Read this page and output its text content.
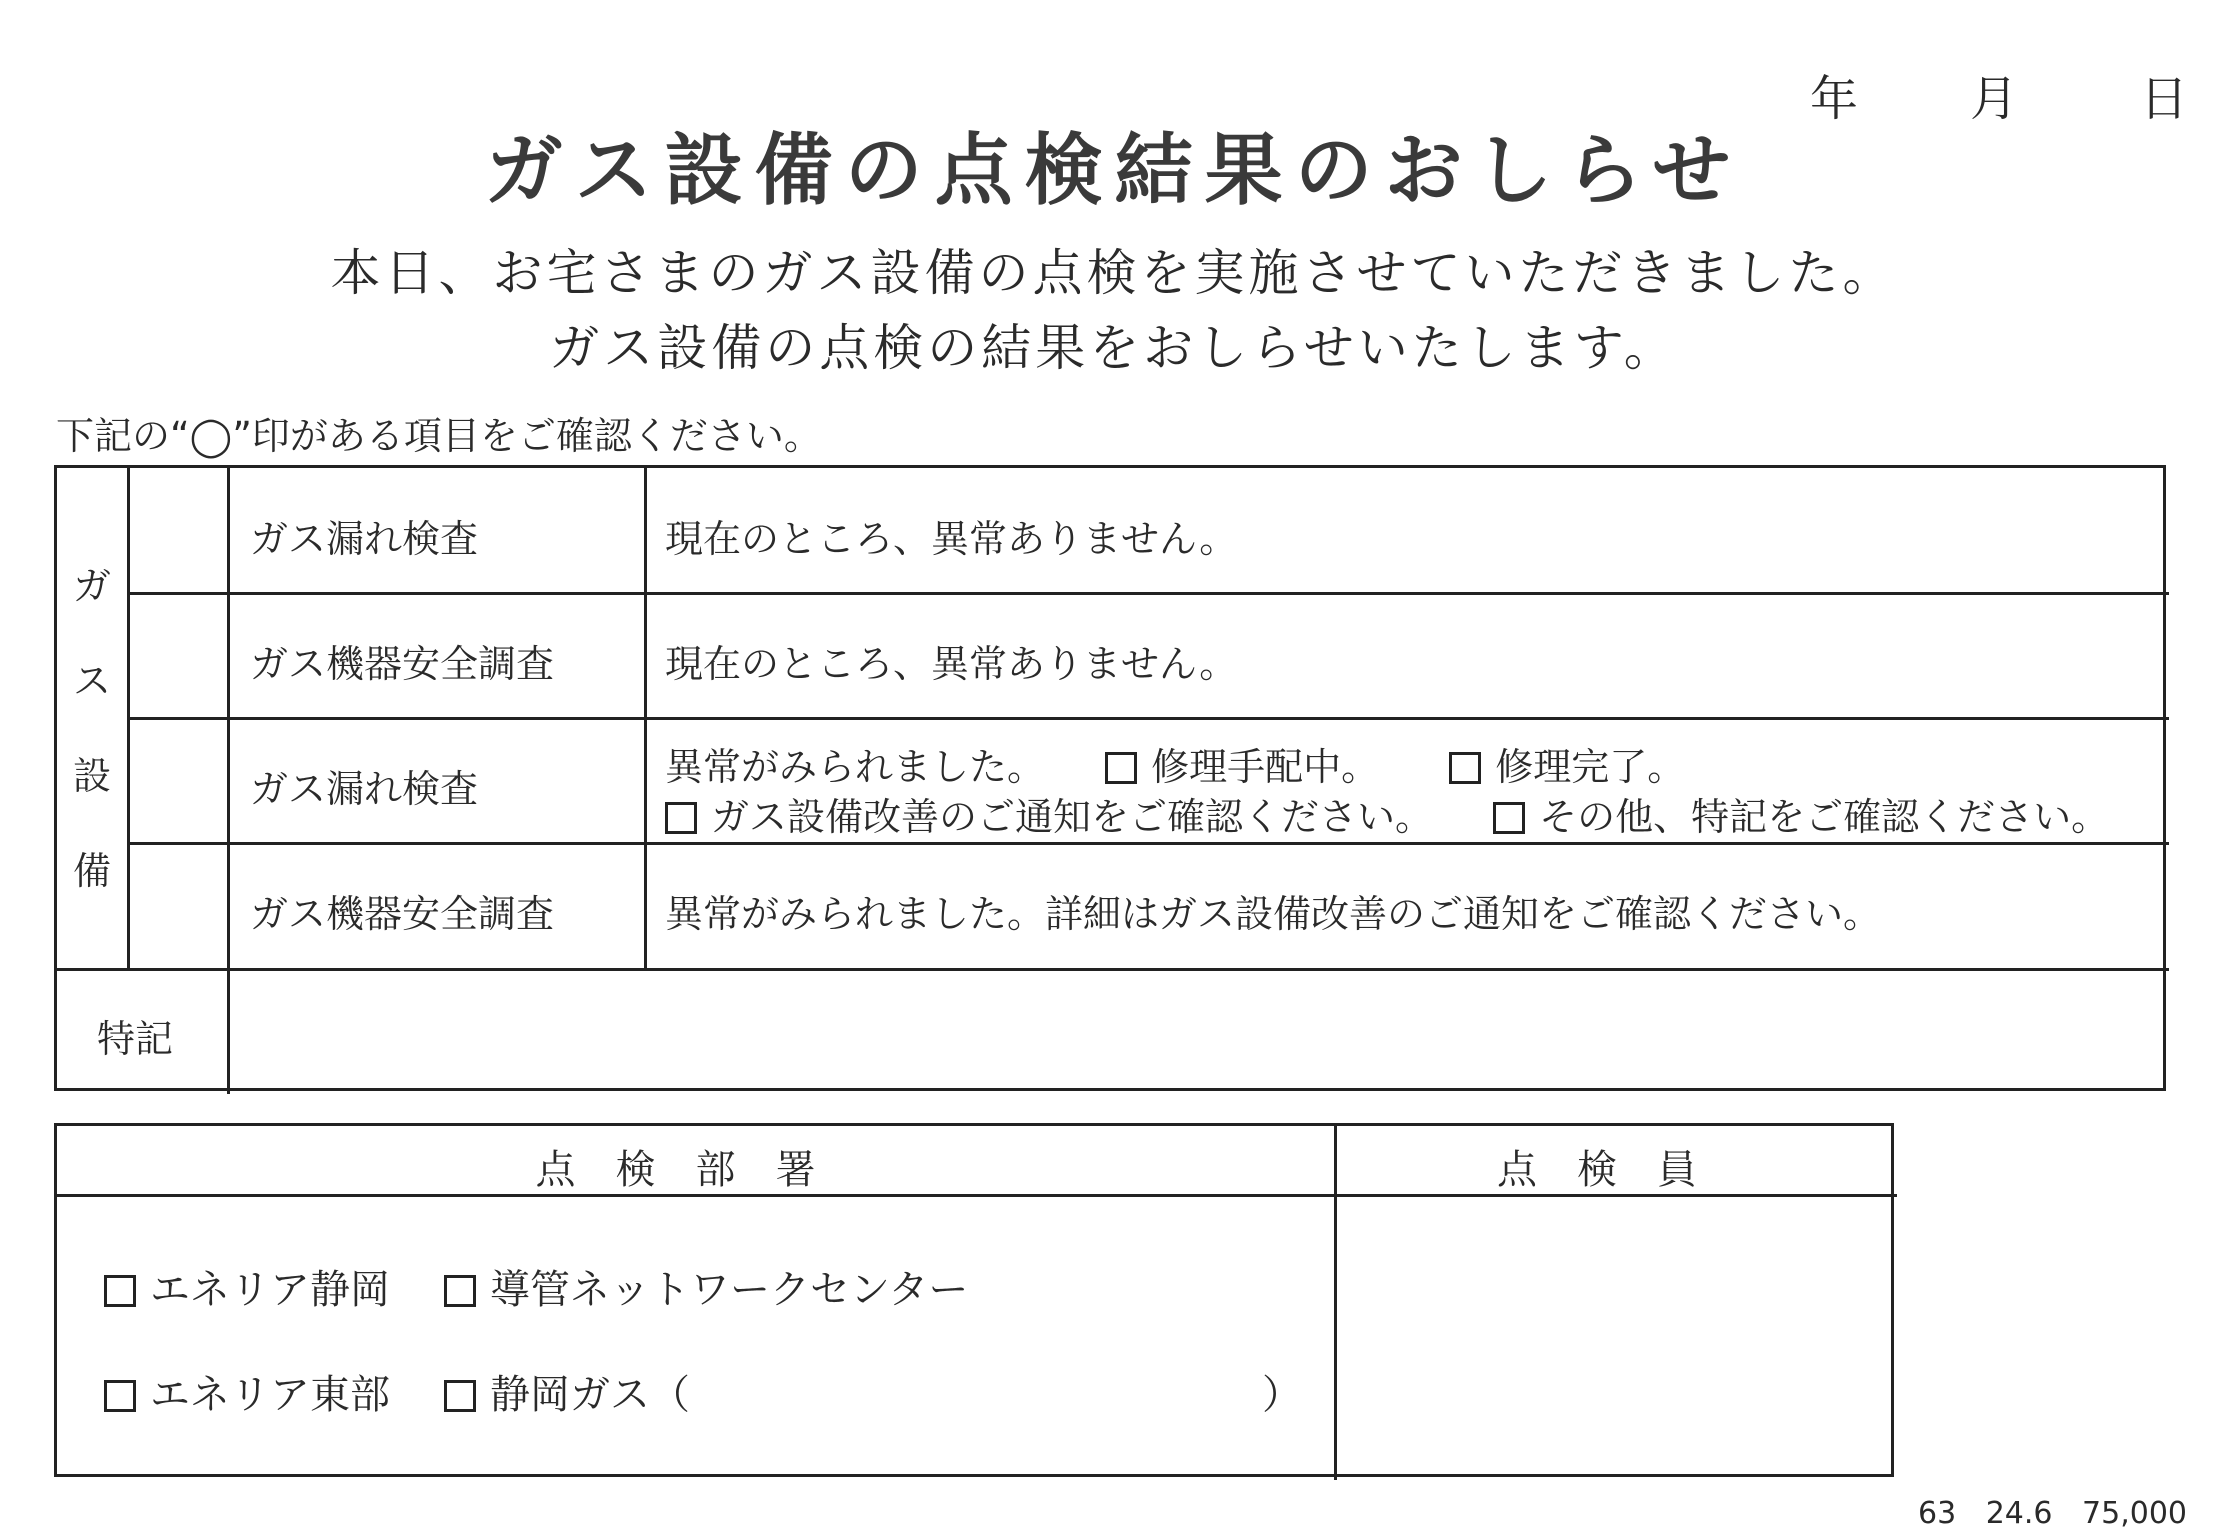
年 月	日
ガス設備の点検結果のおしらせ
本日、お宅さまのガス設備の点検を実施させていただきました。
ガス設備の点検の結果をおしらせいたします。
下記の“◯”印がある項目をご確認ください。
ガ
ス
設
備
ガス漏れ検査	現在のところ、異常ありません。
ガス機器安全調査	現在のところ、異常ありません。
ガス漏れ検査	異常がみられました。	修理手配中。	修理完了。
ガス設備改善のご通知をご確認ください。	その他、特記をご確認ください。
ガス機器安全調査	異常がみられました。詳細はガス設備改善のご通知をご確認ください。
特記
点検部署	点検員
エネリア静岡	導管ネットワークセンター
エネリア東部	静岡ガス（	）
63 24.6 75,000
